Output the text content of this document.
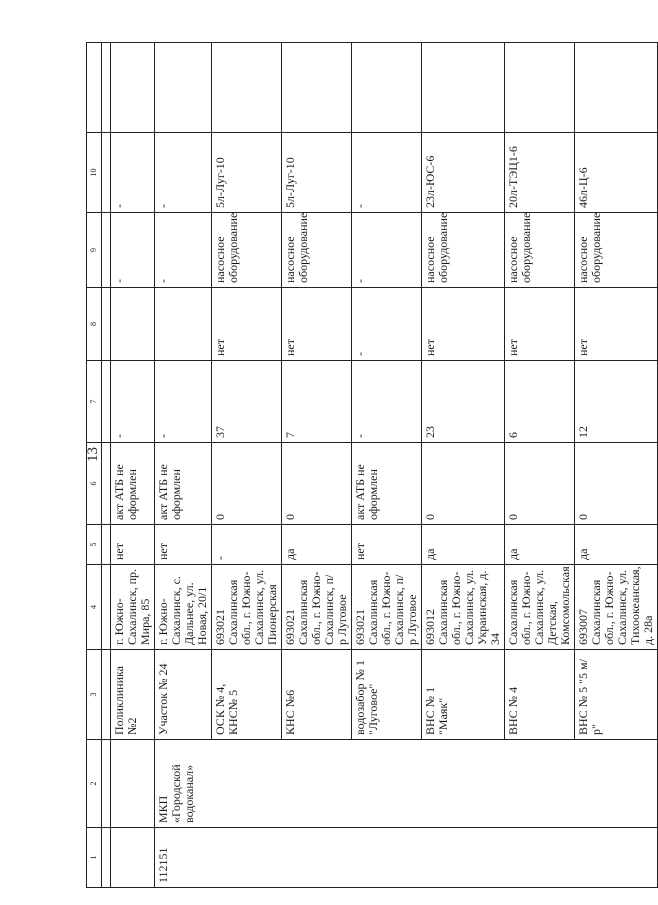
13
1	2	3	4	5	6	7	8	9	10	

		Поликлиника №2	г. Южно-Сахалинск, пр. Мира, 85	нет	акт АТБ не оформлен	-		-	-	
112151	МКП «Городской водоканал»	Участок № 24	г. Южно-Сахалинск, с. Дальнее, ул. Новая, 20/1	нет	акт АТБ не оформлен	-		-	-	
		ОСК № 4, КНС№ 5	693021 Сахалинская обл., г. Южно-Сахалинск, ул. Пионерская	-	0	37	нет	насосное оборудование	5л-Луг-10	
		КНС №6	693021 Сахалинская обл., г. Южно-Сахалинск, п/р Луговое	да	0	7	нет	насосное оборудование	5л-Луг-10	
		водозабор № 1 "Луговое"	693021 Сахалинская обл., г. Южно-Сахалинск, п/р Луговое	нет	акт АТБ не оформлен	-	-	-	-	
		ВНС № 1 "Маяк"	693012 Сахалинская обл., г. Южно-Сахалинск, ул. Украинская, д. 34	да	0	23	нет	насосное оборудование	23л-ЮС-6	
		ВНС № 4	Сахалинская обл., г. Южно-Сахалинск, ул. Детская, Комсомольская	да	0	6	нет	насосное оборудование	20л-ТЭЦ1-6	
		ВНС № 5 "5 м/р"	693007 Сахалинская обл., г. Южно-Сахалинск, ул. Тихоокеанская, д. 28а	да	0	12	нет	насосное оборудование	46л-Ц-6	
